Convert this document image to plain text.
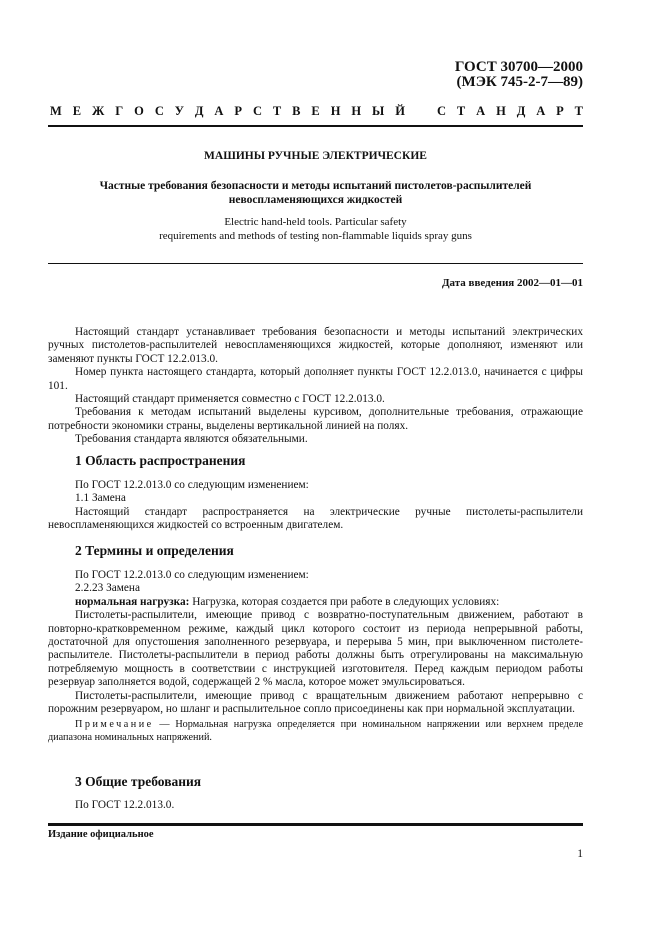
ГОСТ 30700—2000
(МЭК 745-2-7—89)
М Е Ж Г О С У Д А Р С Т В Е Н Н Ы Й	С Т А Н Д А Р Т
МАШИНЫ РУЧНЫЕ ЭЛЕКТРИЧЕСКИЕ
Частные требования безопасности и методы испытаний пистолетов-распылителей
невоспламеняющихся жидкостей
Electric hand-held tools. Particular safety
requirements and methods of testing non-flammable liquids spray guns
Дата введения 2002—01—01

Настоящий стандарт устанавливает требования безопасности и методы испытаний электрических ручных пистолетов-распылителей невоспламеняющихся жидкостей, которые дополняют, изменяют или заменяют пункты ГОСТ 12.2.013.0.

Номер пункта настоящего стандарта, который дополняет пункты ГОСТ 12.2.013.0, начинается с цифры 101.

Настоящий стандарт применяется совместно с ГОСТ 12.2.013.0.

Требования к методам испытаний выделены курсивом, дополнительные требования, отражающие потребности экономики страны, выделены вертикальной линией на полях.

Требования стандарта являются обязательными.

1 Область распространения

По ГОСТ 12.2.013.0 со следующим изменением:

1.1 Замена

Настоящий стандарт распространяется на электрические ручные пистолеты-распылители невоспламеняющихся жидкостей со встроенным двигателем.

2 Термины и определения

По ГОСТ 12.2.013.0 со следующим изменением:

2.2.23 Замена

нормальная нагрузка: Нагрузка, которая создается при работе в следующих условиях:

Пистолеты-распылители, имеющие привод с возвратно-поступательным движением, работают в повторно-кратковременном режиме, каждый цикл которого состоит из периода непрерывной работы, достаточной для опустошения заполненного резервуара, и перерыва 5 мин, при выключенном пистолете-распылителе. Пистолеты-распылители в период работы должны быть отрегулированы на максимальную потребляемую мощность в соответствии с инструкцией изготовителя. Перед каждым периодом работы резервуар заполняется водой, содержащей 2 % масла, которое может эмульсироваться.

Пистолеты-распылители, имеющие привод с вращательным движением работают непрерывно с порожним резервуаром, но шланг и распылительное сопло присоединены как при нормальной эксплуатации.

Примечание — Нормальная нагрузка определяется при номинальном напряжении или верхнем пределе диапазона номинальных напряжений.

3 Общие требования

По ГОСТ 12.2.013.0.

Издание официальное
1
